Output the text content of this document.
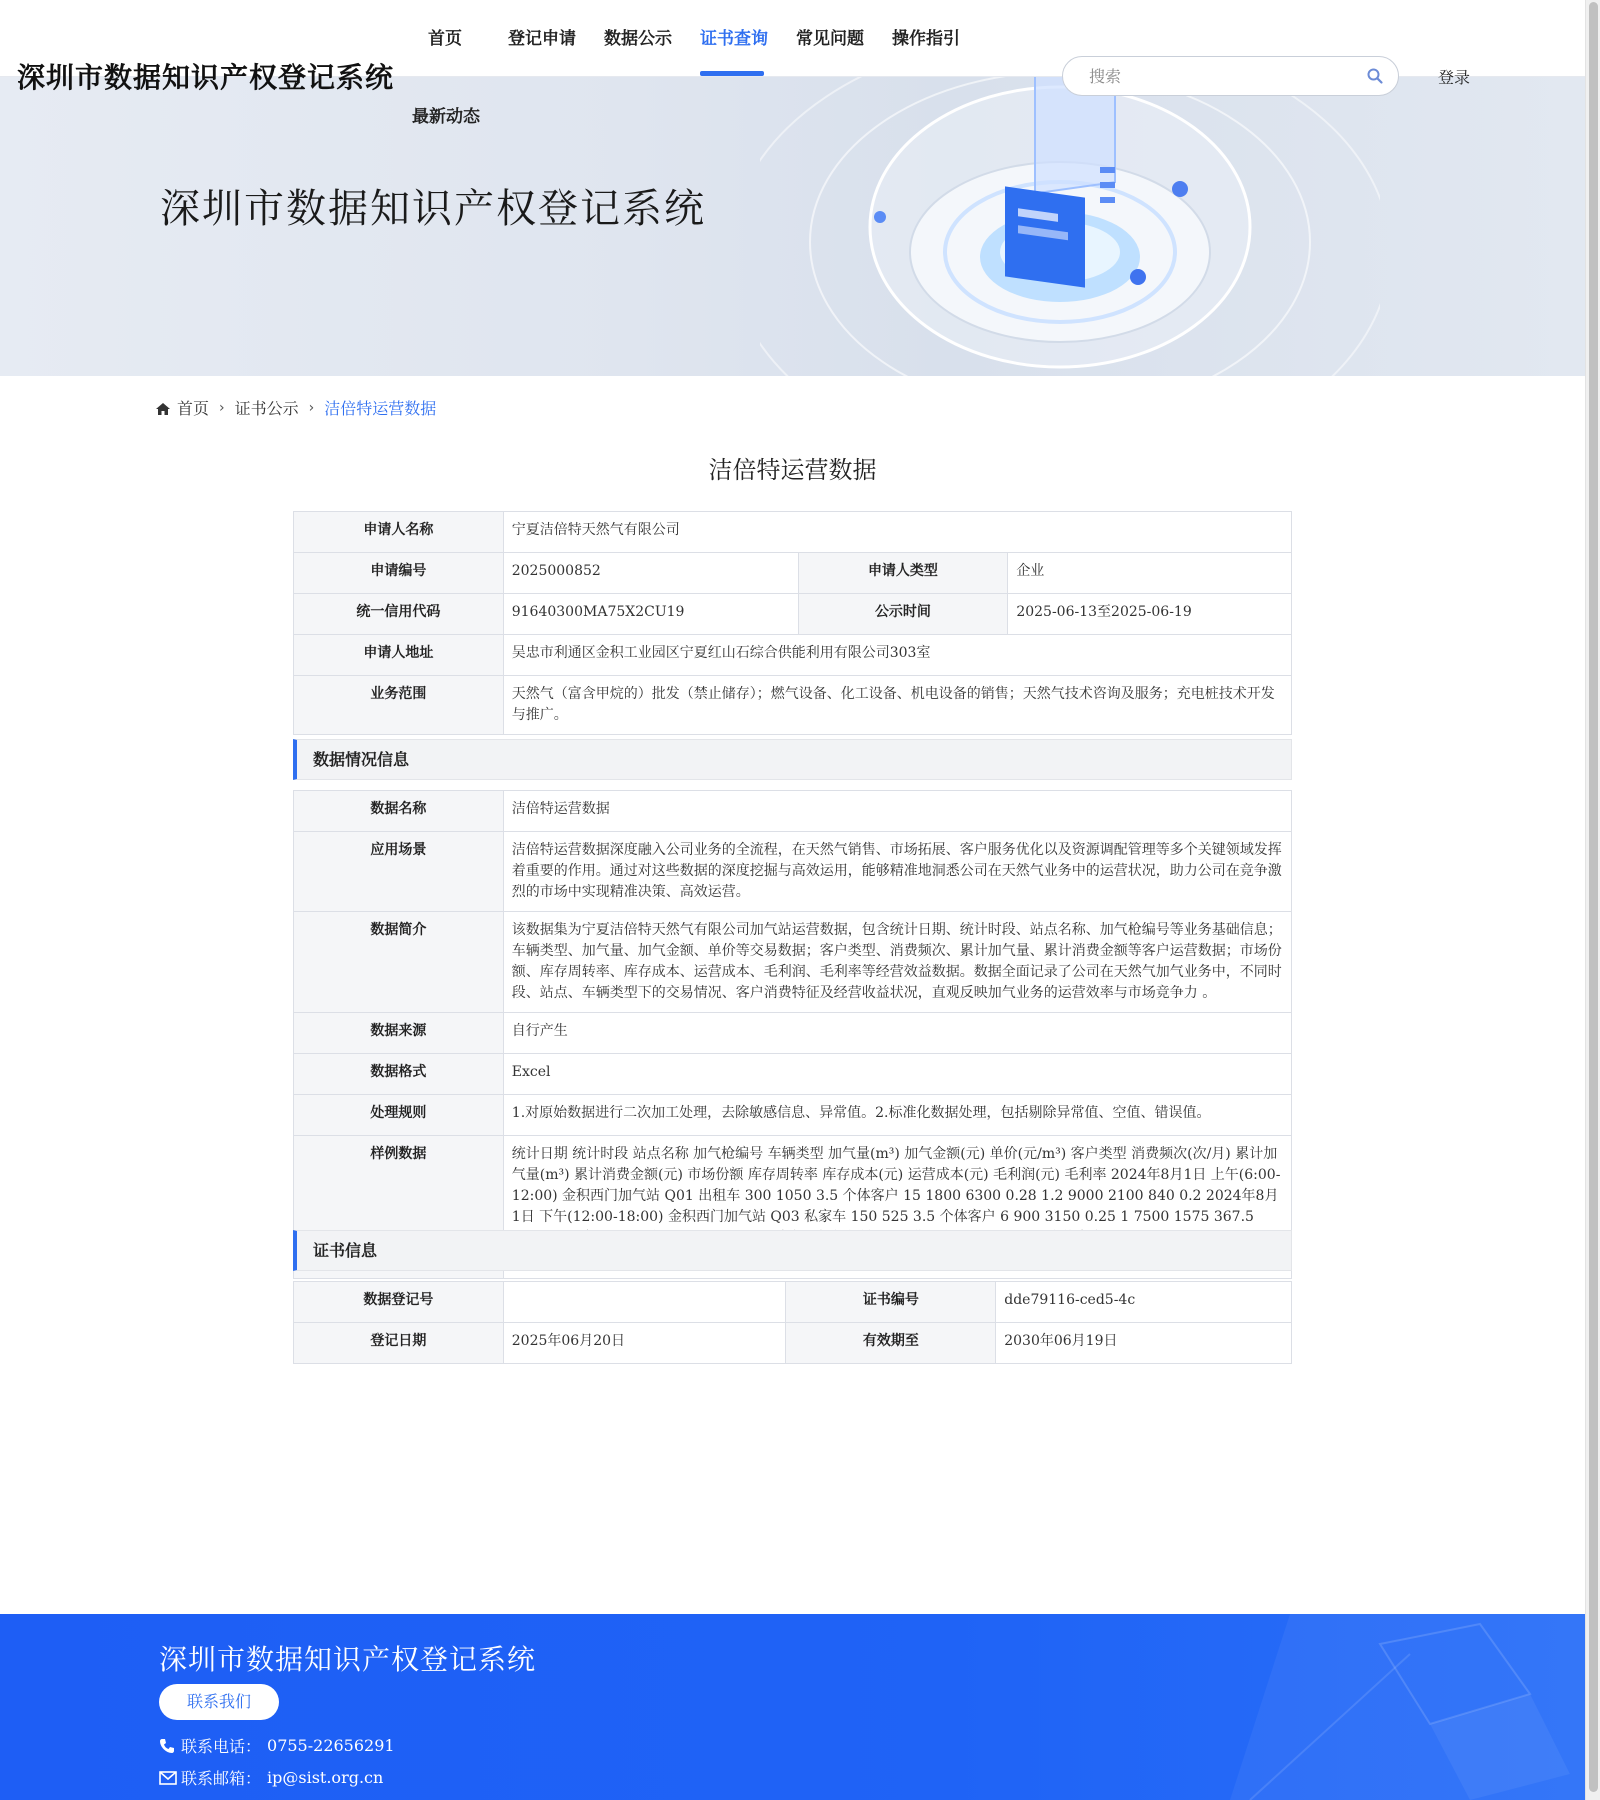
深圳市数据知识产权登记系统
首页	登记申请 数据公示 证书查询 常见问题 操作指引
搜索
登录
最新动态
深圳市数据知识产权登记系统
首页 › 证书公示 › 洁倍特运营数据
洁倍特运营数据
申请人名称	宁夏洁倍特天然气有限公司		
申请编号	2025000852	申请人类型	企业
统一信用代码	91640300MA75X2CU19	公示时间	2025-06-13至2025-06-19
申请人地址	吴忠市利通区金积工业园区宁夏红山石综合供能利用有限公司303室		
业务范围	天然气（富含甲烷的）批发（禁止储存）；燃气设备、化工设备、机电设备的销售；天然气技术咨询及服务；充电桩技术开发与推广。		
数据情况信息
数据名称	洁倍特运营数据
应用场景	洁倍特运营数据深度融入公司业务的全流程，在天然气销售、市场拓展、客户服务优化以及资源调配管理等多个关键领域发挥着重要的作用。通过对这些数据的深度挖掘与高效运用，能够精准地洞悉公司在天然气业务中的运营状况，助力公司在竞争激烈的市场中实现精准决策、高效运营。
数据简介	该数据集为宁夏洁倍特天然气有限公司加气站运营数据，包含统计日期、统计时段、站点名称、加气枪编号等业务基础信息；车辆类型、加气量、加气金额、单价等交易数据；客户类型、消费频次、累计加气量、累计消费金额等客户运营数据；市场份额、库存周转率、库存成本、运营成本、毛利润、毛利率等经营效益数据。数据全面记录了公司在天然气加气业务中，不同时段、站点、车辆类型下的交易情况、客户消费特征及经营收益状况，直观反映加气业务的运营效率与市场竞争力 。
数据来源	自行产生
数据格式	Excel
处理规则	1.对原始数据进行二次加工处理，去除敏感信息、异常值。2.标准化数据处理，包括剔除异常值、空值、错误值。
样例数据	统计日期 统计时段 站点名称 加气枪编号 车辆类型 加气量(m³) 加气金额(元) 单价(元/m³) 客户类型 消费频次(次/月) 累计加气量(m³) 累计消费金额(元) 市场份额 库存周转率 库存成本(元) 运营成本(元) 毛利润(元) 毛利率 2024年8月1日 上午(6:00-12:00) 金积西门加气站 Q01 出租车 300 1050 3.5 个体客户 15 1800 6300 0.28 1.2 9000 2100 840 0.2 2024年8月1日 下午(12:00-18:00) 金积西门加气站 Q03 私家车 150 525 3.5 个体客户 6 900 3150 0.25 1 7500 1575 367.5
证书信息
数据登记号		证书编号	dde79116-ced5-4c
登记日期	2025年06月20日	有效期至	2030年06月19日
深圳市数据知识产权登记系统
联系我们
联系电话： 0755-22656291
联系邮箱： ip@sist.org.cn
